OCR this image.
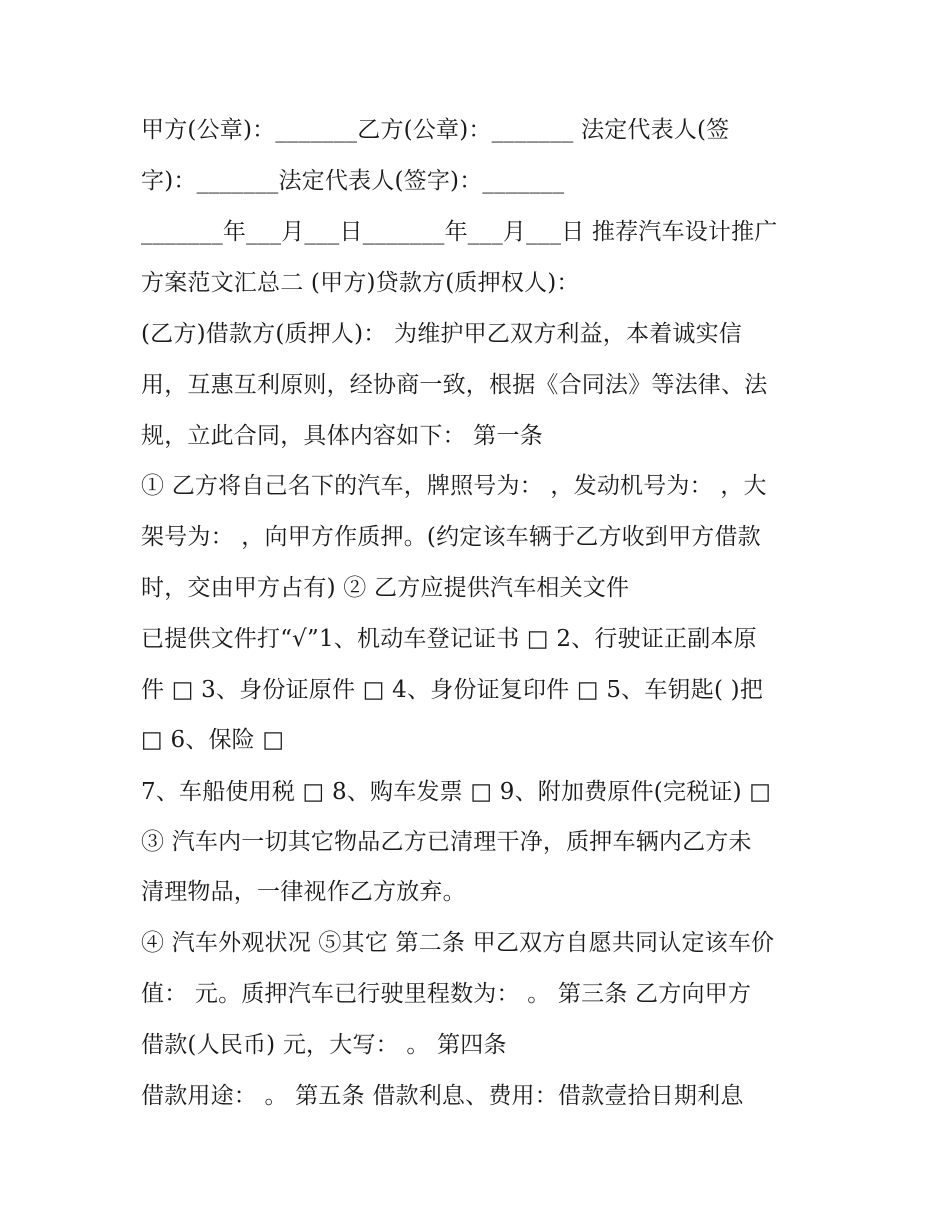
甲方(公章)：_______乙方(公章)：_______ 法定代表人(签
字)：_______法定代表人(签字)：_______
_______年___月___日_______年___月___日 推荐汽车设计推广
方案范文汇总二 (甲方)贷款方(质押权人)：
(乙方)借款方(质押人)： 为维护甲乙双方利益，本着诚实信
用，互惠互利原则，经协商一致，根据《合同法》等法律、法
规，立此合同，具体内容如下： 第一条
① 乙方将自己名下的汽车，牌照号为： ，发动机号为： ，大
架号为： ，向甲方作质押。(约定该车辆于乙方收到甲方借款
时，交由甲方占有) ② 乙方应提供汽车相关文件
已提供文件打“√”1、机动车登记证书 □ 2、行驶证正副本原
件 □ 3、身份证原件 □ 4、身份证复印件 □ 5、车钥匙( )把
□ 6、保险 □
7、车船使用税 □ 8、购车发票 □ 9、附加费原件(完税证) □
③ 汽车内一切其它物品乙方已清理干净，质押车辆内乙方未
清理物品，一律视作乙方放弃。
④ 汽车外观状况 ⑤其它 第二条 甲乙双方自愿共同认定该车价
值： 元。质押汽车已行驶里程数为： 。 第三条 乙方向甲方
借款(人民币) 元，大写： 。 第四条
借款用途： 。 第五条 借款利息、费用：借款壹拾日期利息
